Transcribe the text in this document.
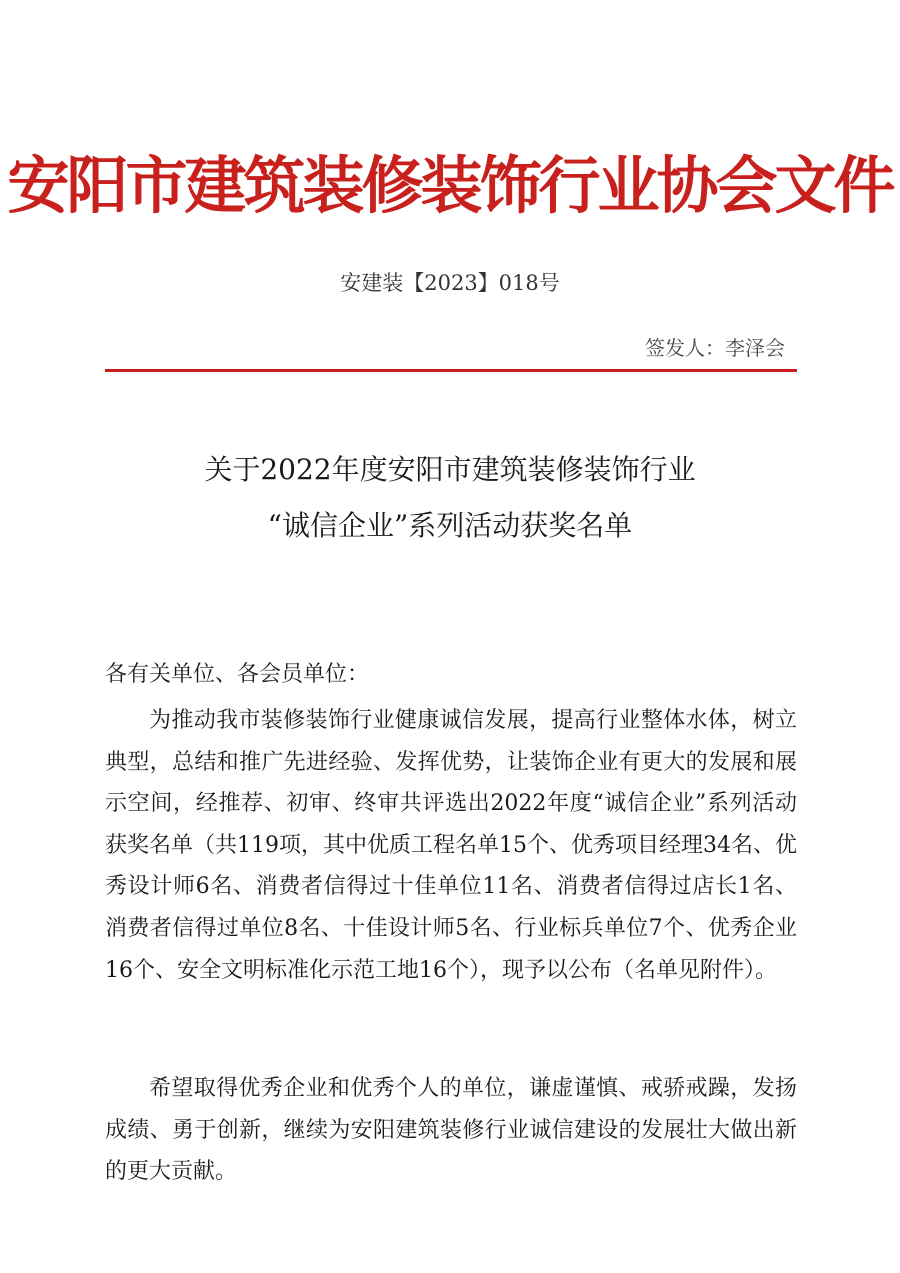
安阳市建筑装修装饰行业协会文件
安建装【2023】018号
签发人：李泽会
关于2022年度安阳市建筑装修装饰行业
“诚信企业”系列活动获奖名单
各有关单位、各会员单位：

为推动我市装修装饰行业健康诚信发展，提高行业整体水体，树立典型，总结和推广先进经验、发挥优势，让装饰企业有更大的发展和展示空间，经推荐、初审、终审共评选出2022年度“诚信企业”系列活动获奖名单（共119项，其中优质工程名单15个、优秀项目经理34名、优秀设计师6名、消费者信得过十佳单位11名、消费者信得过店长1名、消费者信得过单位8名、十佳设计师5名、行业标兵单位7个、优秀企业16个、安全文明标准化示范工地16个），现予以公布（名单见附件）。

希望取得优秀企业和优秀个人的单位，谦虚谨慎、戒骄戒躁，发扬成绩、勇于创新，继续为安阳建筑装修行业诚信建设的发展壮大做出新的更大贡献。
